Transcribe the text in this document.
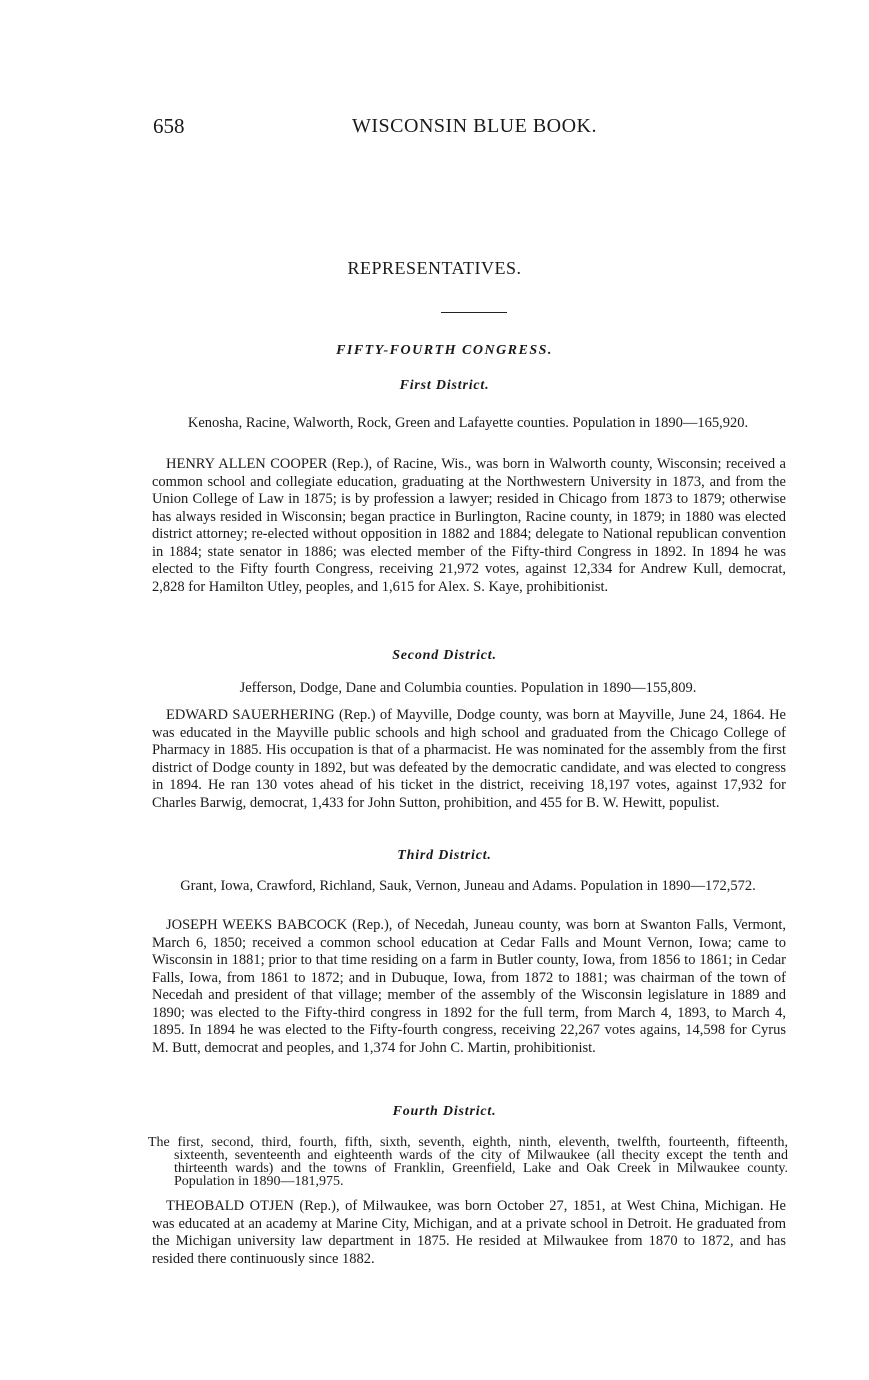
658	WISCONSIN BLUE BOOK.
REPRESENTATIVES.
FIFTY-FOURTH CONGRESS.
First District.
Kenosha, Racine, Walworth, Rock, Green and Lafayette counties. Population in 1890—165,920.
HENRY ALLEN COOPER (Rep.), of Racine, Wis., was born in Walworth county, Wisconsin; received a common school and collegiate education, graduating at the Northwestern University in 1873, and from the Union College of Law in 1875; is by profession a lawyer; resided in Chicago from 1873 to 1879; otherwise has always resided in Wisconsin; began practice in Burlington, Racine county, in 1879; in 1880 was elected district attorney; re-elected without opposition in 1882 and 1884; delegate to National republican convention in 1884; state senator in 1886; was elected member of the Fifty-third Congress in 1892. In 1894 he was elected to the Fifty fourth Congress, receiving 21,972 votes, against 12,334 for Andrew Kull, democrat, 2,828 for Hamilton Utley, peoples, and 1,615 for Alex. S. Kaye, prohibitionist.
Second District.
Jefferson, Dodge, Dane and Columbia counties. Population in 1890—155,809.
EDWARD SAUERHERING (Rep.) of Mayville, Dodge county, was born at Mayville, June 24, 1864. He was educated in the Mayville public schools and high school and graduated from the Chicago College of Pharmacy in 1885. His occupation is that of a pharmacist. He was nominated for the assembly from the first district of Dodge county in 1892, but was defeated by the democratic candidate, and was elected to congress in 1894. He ran 130 votes ahead of his ticket in the district, receiving 18,197 votes, against 17,932 for Charles Barwig, democrat, 1,433 for John Sutton, prohibition, and 455 for B. W. Hewitt, populist.
Third District.
Grant, Iowa, Crawford, Richland, Sauk, Vernon, Juneau and Adams. Population in 1890—172,572.
JOSEPH WEEKS BABCOCK (Rep.), of Necedah, Juneau county, was born at Swanton Falls, Vermont, March 6, 1850; received a common school education at Cedar Falls and Mount Vernon, Iowa; came to Wisconsin in 1881; prior to that time residing on a farm in Butler county, Iowa, from 1856 to 1861; in Cedar Falls, Iowa, from 1861 to 1872; and in Dubuque, Iowa, from 1872 to 1881; was chairman of the town of Necedah and president of that village; member of the assembly of the Wisconsin legislature in 1889 and 1890; was elected to the Fifty-third congress in 1892 for the full term, from March 4, 1893, to March 4, 1895. In 1894 he was elected to the Fifty-fourth congress, receiving 22,267 votes agains, 14,598 for Cyrus M. Butt, democrat and peoples, and 1,374 for John C. Martin, prohibitionist.
Fourth District.
The first, second, third, fourth, fifth, sixth, seventh, eighth, ninth, eleventh, twelfth, fourteenth, fifteenth, sixteenth, seventeenth and eighteenth wards of the city of Milwaukee (all thecity except the tenth and thirteenth wards) and the towns of Franklin, Greenfield, Lake and Oak Creek in Milwaukee county. Population in 1890—181,975.
THEOBALD OTJEN (Rep.), of Milwaukee, was born October 27, 1851, at West China, Michigan. He was educated at an academy at Marine City, Michigan, and at a private school in Detroit. He graduated from the Michigan university law department in 1875. He resided at Milwaukee from 1870 to 1872, and has resided there continuously since 1882.
